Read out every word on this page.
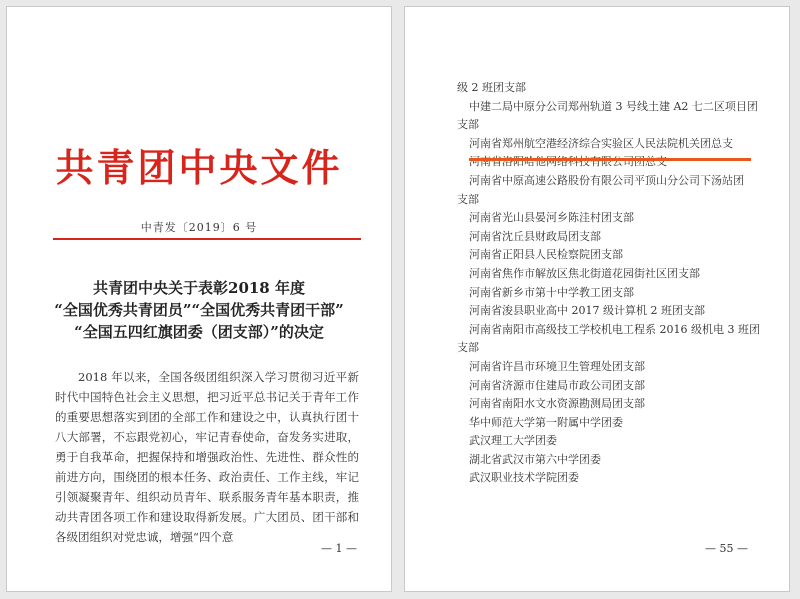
共青团中央文件
中青发〔2019〕6 号
共青团中央关于表彰2018 年度
“全国优秀共青团员”“全国优秀共青团干部”
“全国五四红旗团委（团支部）”的决定
2018 年以来，全国各级团组织深入学习贯彻习近平新时代中国特色社会主义思想，把习近平总书记关于青年工作的重要思想落实到团的全部工作和建设之中，认真执行团十八大部署，不忘跟党初心，牢记青春使命，奋发务实进取，勇于自我革命，把握保持和增强政治性、先进性、群众性的前进方向，围绕团的根本任务、政治责任、工作主线，牢记引领凝聚青年、组织动员青年、联系服务青年基本职责，推动共青团各项工作和建设取得新发展。广大团员、团干部和各级团组织对党忠诚，增强“四个意
— 1 —
级 2 班团支部
中建二局中原分公司郑州轨道 3 号线土建 A2 七二区项目团
支部
河南省郑州航空港经济综合实验区人民法院机关团总支
河南省洛阳哈他网络科技有限公司团总支
河南省中原高速公路股份有限公司平顶山分公司下汤站团
支部
河南省光山县晏河乡陈洼村团支部
河南省沈丘县财政局团支部
河南省正阳县人民检察院团支部
河南省焦作市解放区焦北街道花园街社区团支部
河南省新乡市第十中学教工团支部
河南省浚县职业高中 2017 级计算机 2 班团支部
河南省南阳市高级技工学校机电工程系 2016 级机电 3 班团
支部
河南省许昌市环境卫生管理处团支部
河南省济源市住建局市政公司团支部
河南省南阳水文水资源勘测局团支部
华中师范大学第一附属中学团委
武汉理工大学团委
湖北省武汉市第六中学团委
武汉职业技术学院团委
— 55 —
